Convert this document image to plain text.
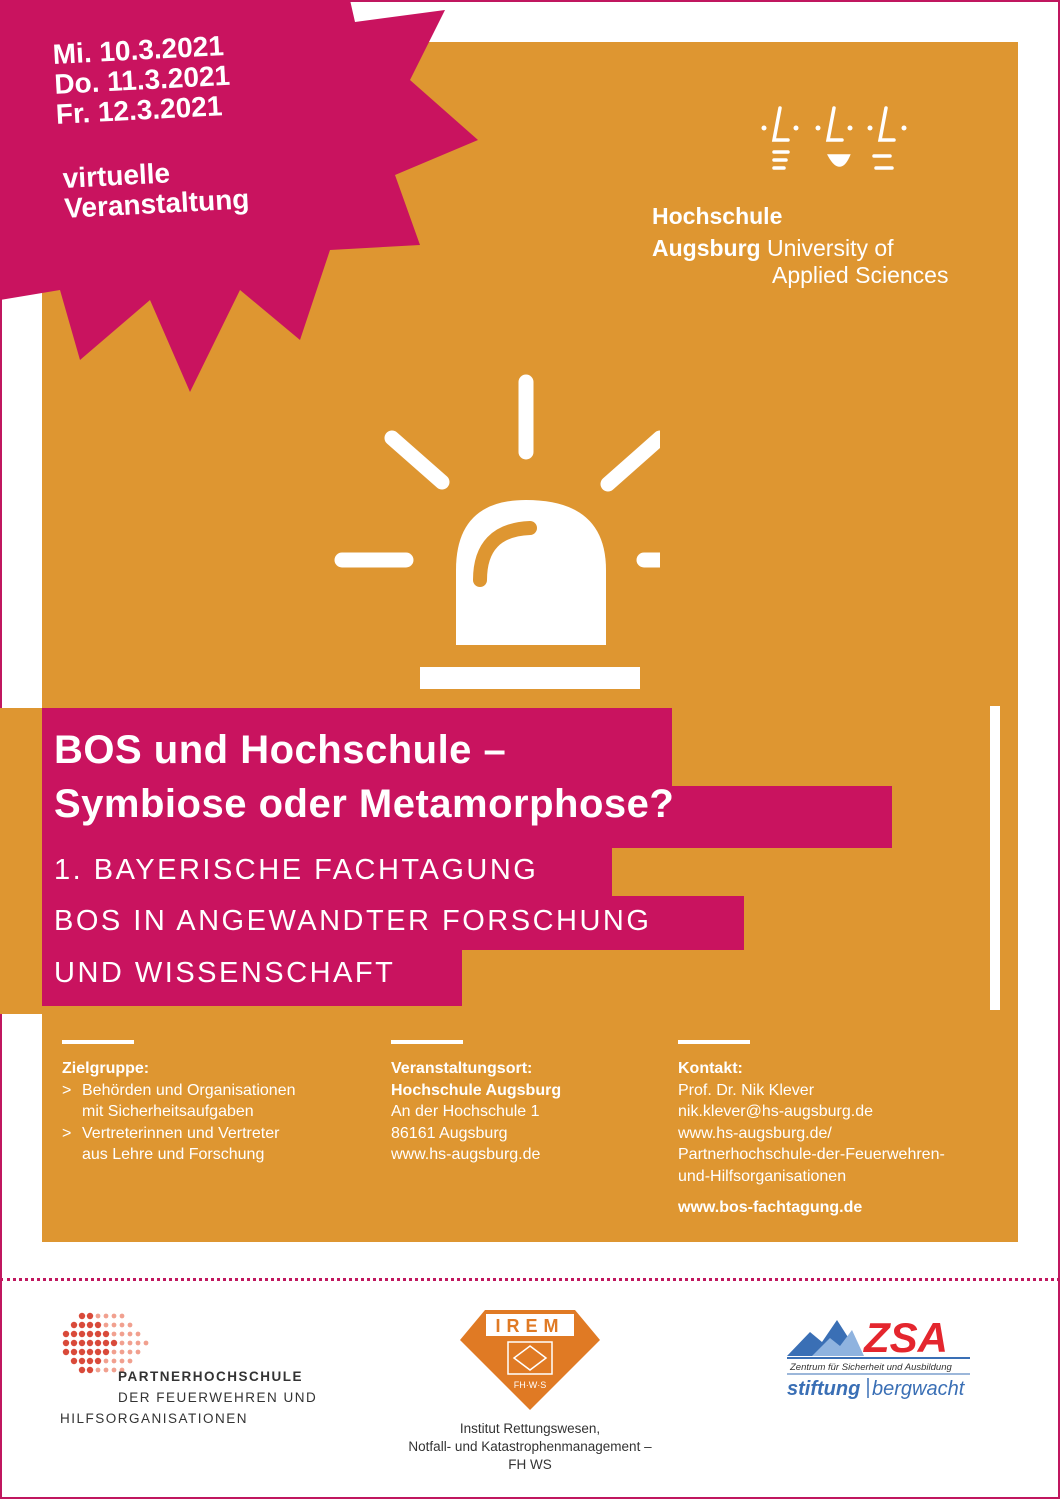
Mi. 10.3.2021
Do. 11.3.2021
Fr. 12.3.2021
virtuelle
Veranstaltung	Hochschule
Augsburg University of
Applied Sciences
BOS und Hochschule –
Symbiose oder Metamorphose?
1. BAYERISCHE FACHTAGUNG
BOS IN ANGEWANDTER FORSCHUNG
UND WISSENSCHAFT
Zielgruppe:
> Behörden und Organisationen
mit Sicherheitsaufgaben
> Vertreterinnen und Vertreter
aus Lehre und Forschung
Veranstaltungsort:
Hochschule Augsburg
An der Hochschule 1
86161 Augsburg
www.hs-augsburg.de
Kontakt:
Prof. Dr. Nik Klever
nik.klever@hs-augsburg.de
www.hs-augsburg.de/
Partnerhochschule-der-Feuerwehren-
und-Hilfsorganisationen
www.bos-fachtagung.de
PARTNERHOCHSCHULE
DER FEUERWEHREN UND
HILFSORGANISATIONEN
IREM
FH·W·S
Institut Rettungswesen,
Notfall- und Katastrophenmanagement –
FH WS
ZSA
Zentrum für Sicherheit und Ausbildung
stiftung bergwacht
